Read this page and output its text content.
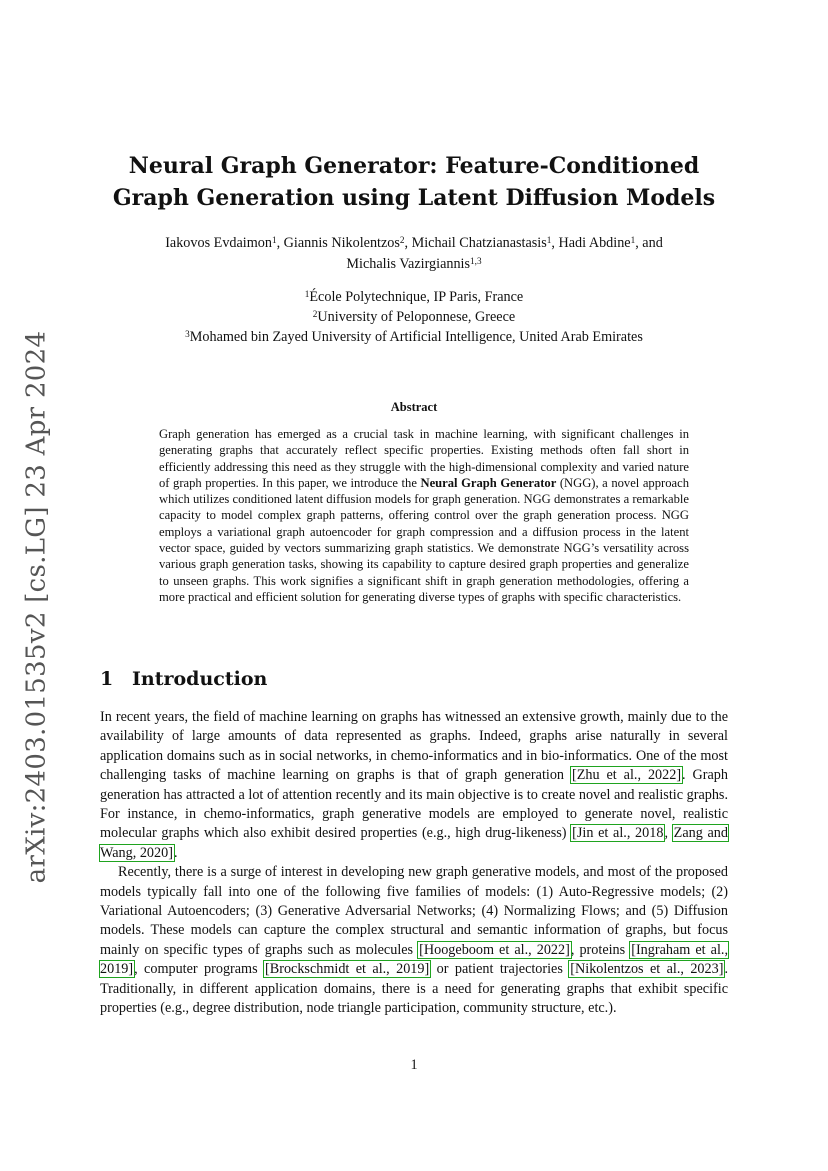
arXiv:2403.01535v2 [cs.LG] 23 Apr 2024
Neural Graph Generator: Feature-Conditioned
Graph Generation using Latent Diffusion Models
Iakovos Evdaimon$^1$, Giannis Nikolentzos$^2$, Michail Chatzianastasis$^1$, Hadi Abdine$^1$, and
Michalis Vazirgiannis$^{1,3}$
$^1$École Polytechnique, IP Paris, France
$^2$University of Peloponnese, Greece
$^3$Mohamed bin Zayed University of Artificial Intelligence, United Arab Emirates
Abstract
Graph generation has emerged as a crucial task in machine learning, with significant challenges in generating graphs that accurately reflect specific properties. Existing methods often fall short in efficiently addressing this need as they struggle with the high-dimensional complexity and varied nature of graph properties. In this paper, we introduce the Neural Graph Generator (NGG), a novel approach which utilizes conditioned latent diffusion models for graph generation. NGG demonstrates a remarkable capacity to model complex graph patterns, offering control over the graph generation process. NGG employs a variational graph autoencoder for graph compression and a diffusion process in the latent vector space, guided by vectors summarizing graph statistics. We demonstrate NGG’s versatility across various graph generation tasks, showing its capability to capture desired graph properties and generalize to unseen graphs. This work signifies a significant shift in graph generation methodologies, offering a more practical and efficient solution for generating diverse types of graphs with specific characteristics.
1 Introduction

In recent years, the field of machine learning on graphs has witnessed an extensive growth, mainly due to the availability of large amounts of data represented as graphs. Indeed, graphs arise naturally in several application domains such as in social networks, in chemo-informatics and in bio-informatics. One of the most challenging tasks of machine learning on graphs is that of graph generation [Zhu et al., 2022]. Graph generation has attracted a lot of attention recently and its main objective is to create novel and realistic graphs. For instance, in chemo-informatics, graph generative models are employed to generate novel, realistic molecular graphs which also exhibit desired properties (e.g., high drug-likeness) [Jin et al., 2018, Zang and Wang, 2020].

Recently, there is a surge of interest in developing new graph generative models, and most of the proposed models typically fall into one of the following five families of models: (1) Auto-Regressive models; (2) Variational Autoencoders; (3) Generative Adversarial Networks; (4) Normalizing Flows; and (5) Diffusion models. These models can capture the complex structural and semantic information of graphs, but focus mainly on specific types of graphs such as molecules [Hoogeboom et al., 2022], proteins [Ingraham et al., 2019], computer programs [Brockschmidt et al., 2019] or patient trajectories [Nikolentzos et al., 2023]. Traditionally, in different application domains, there is a need for generating graphs that exhibit specific properties (e.g., degree distribution, node triangle participation, community structure, etc.).

1
